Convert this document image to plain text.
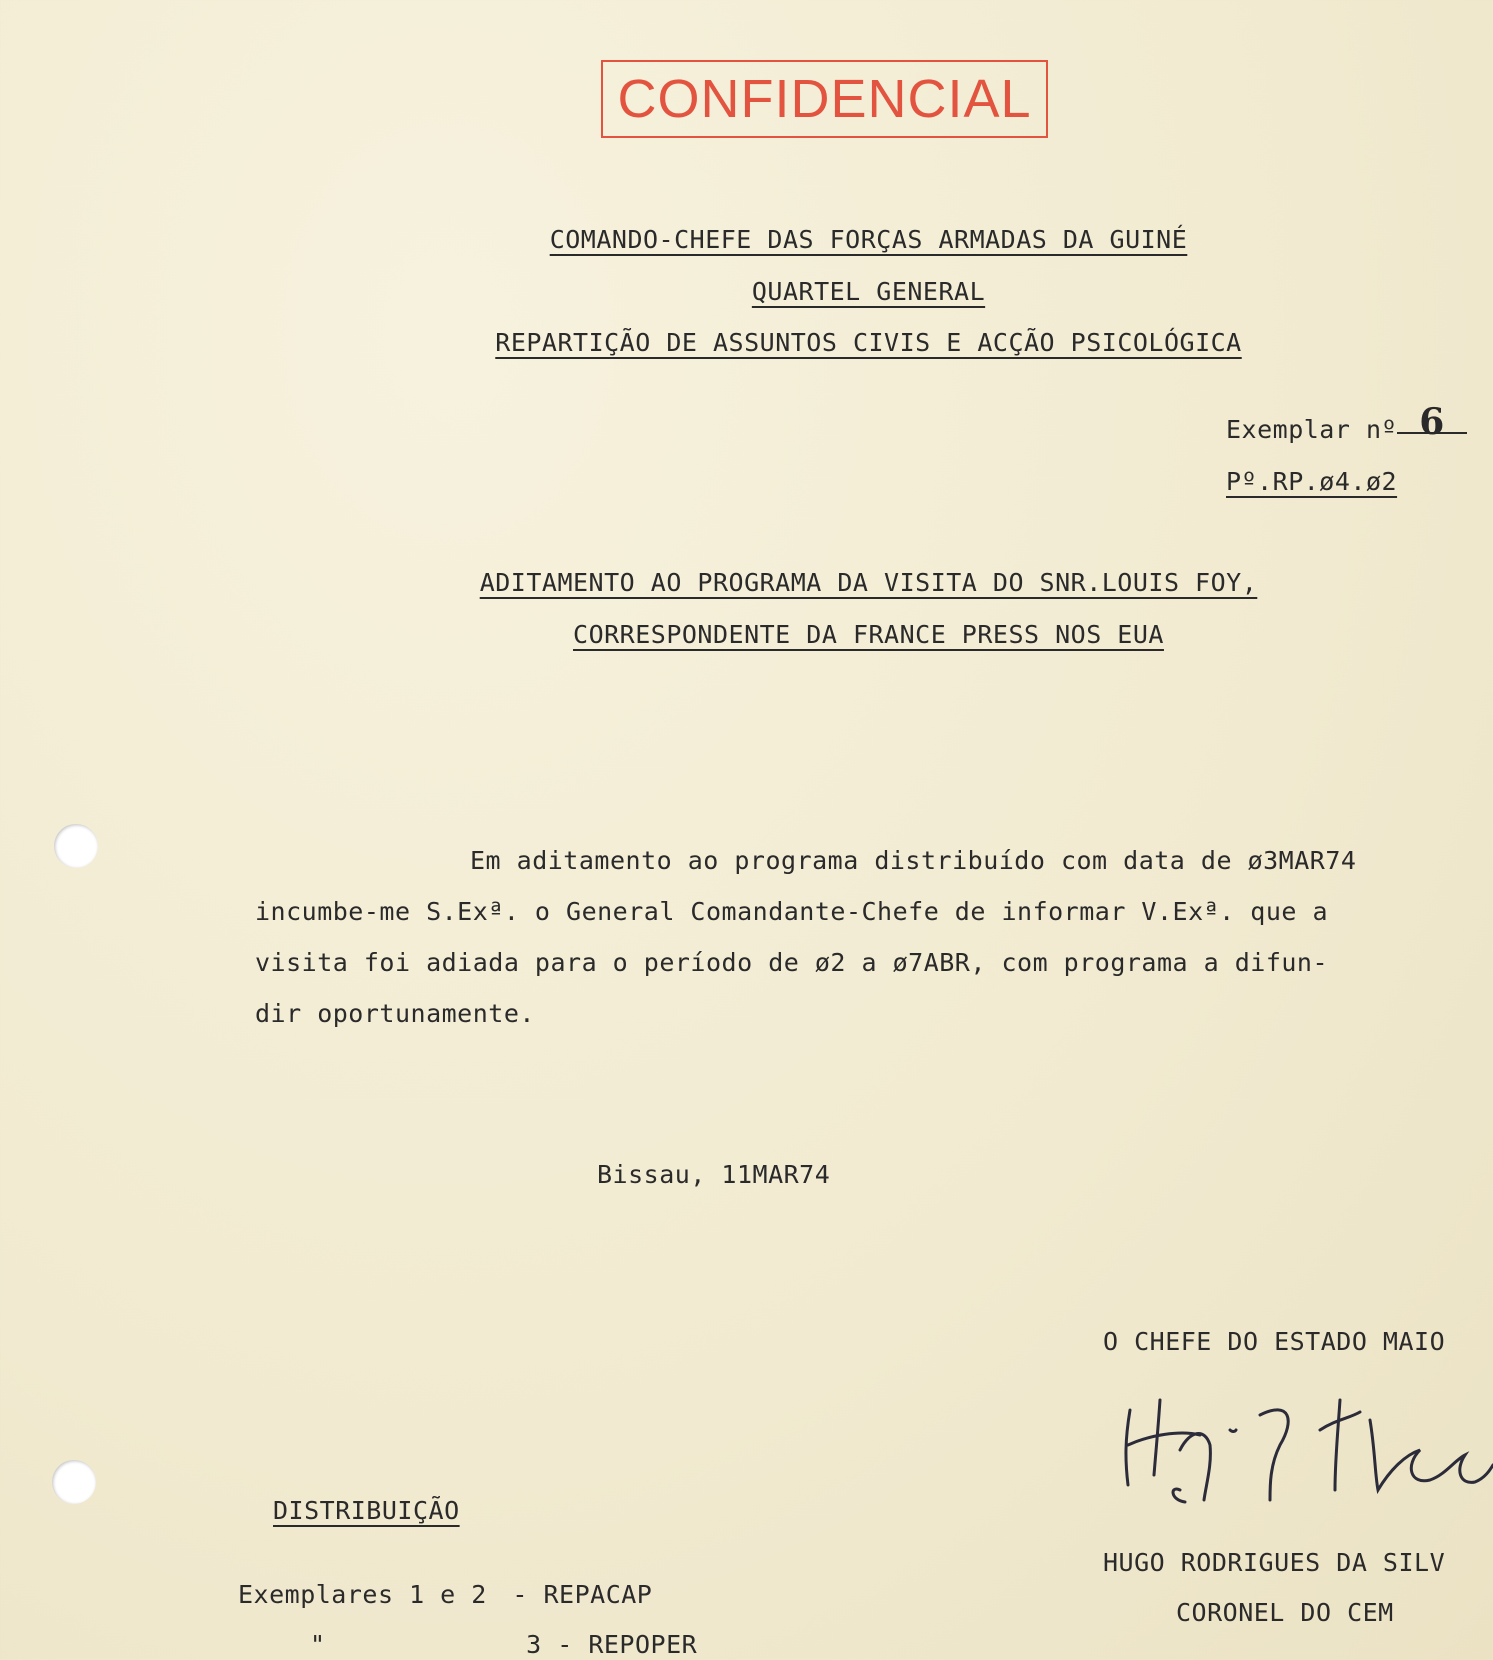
CONFIDENCIAL
COMANDO-CHEFE DAS FORÇAS ARMADAS DA GUINÉ
QUARTEL GENERAL
REPARTIÇÃO DE ASSUNTOS CIVIS E ACÇÃO PSICOLÓGICA
Exemplar nº 6
Pº.RP.ø4.ø2
ADITAMENTO AO PROGRAMA DA VISITA DO SNR.LOUIS FOY,
CORRESPONDENTE DA FRANCE PRESS NOS EUA

Em aditamento ao programa distribuído com data de ø3MAR74

incumbe-me S.Exª. o General Comandante-Chefe de informar V.Exª. que a

visita foi adiada para o período de ø2 a ø7ABR, com programa a difun-

dir oportunamente.

Bissau, 11MAR74
O CHEFE DO ESTADO MAIO
HUGO RODRIGUES DA SILV
CORONEL DO CEM
DISTRIBUIÇÃO
Exemplares 1 e 2 - REPACAP
"	3 - REPOPER
